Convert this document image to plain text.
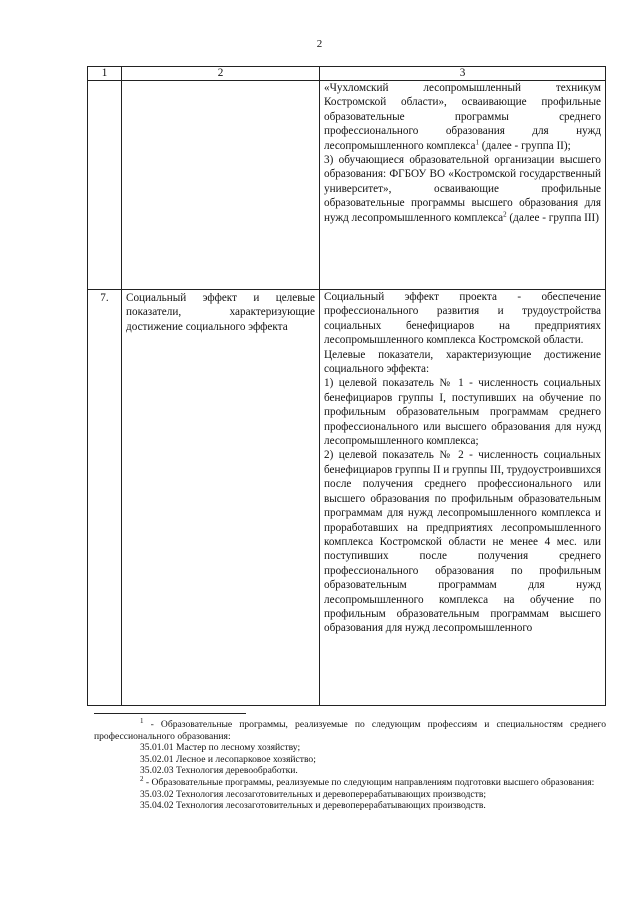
2
1	2	3

		«Чухломский лесопромышленный техникум Костромской области», осваивающие профильные образовательные программы среднего профессионального образования для нужд лесопромышленного комплекса$^1$ (далее - группа II);

3) обучающиеся образовательной организации высшего образования: ФГБОУ ВО «Костромской государственный университет», осваивающие профильные образовательные программы высшего образования для нужд лесопромышленного комплекса$^2$ (далее - группа III)

7.	Социальный эффект и целевые показатели, характеризующие достижение социального эффекта	Социальный эффект проекта - обеспечение профессионального развития и трудоустройства социальных бенефициаров на предприятиях лесопромышленного комплекса Костромской области.

Целевые показатели, характеризующие достижение социального эффекта:

1) целевой показатель № 1 - численность социальных бенефициаров группы I, поступивших на обучение по профильным образовательным программам среднего профессионального или высшего образования для нужд лесопромышленного комплекса;

2) целевой показатель № 2 - численность социальных бенефициаров группы II и группы III, трудоустроившихся после получения среднего профессионального или высшего образования по профильным образовательным программам для нужд лесопромышленного комплекса и проработавших на предприятиях лесопромышленного комплекса Костромской области не менее 4 мес. или поступивших после получения среднего профессионального образования по профильным образовательным программам для нужд лесопромышленного комплекса на обучение по профильным образовательным программам высшего образования для нужд лесопромышленного

$^1$ - Образовательные программы, реализуемые по следующим профессиям и специальностям среднего профессионального образования:

35.01.01 Мастер по лесному хозяйству;

35.02.01 Лесное и лесопарковое хозяйство;

35.02.03 Технология деревообработки.

$^2$ - Образовательные программы, реализуемые по следующим направлениям подготовки высшего образования:

35.03.02 Технология лесозаготовительных и деревоперерабатывающих производств;

35.04.02 Технология лесозаготовительных и деревоперерабатывающих производств.
